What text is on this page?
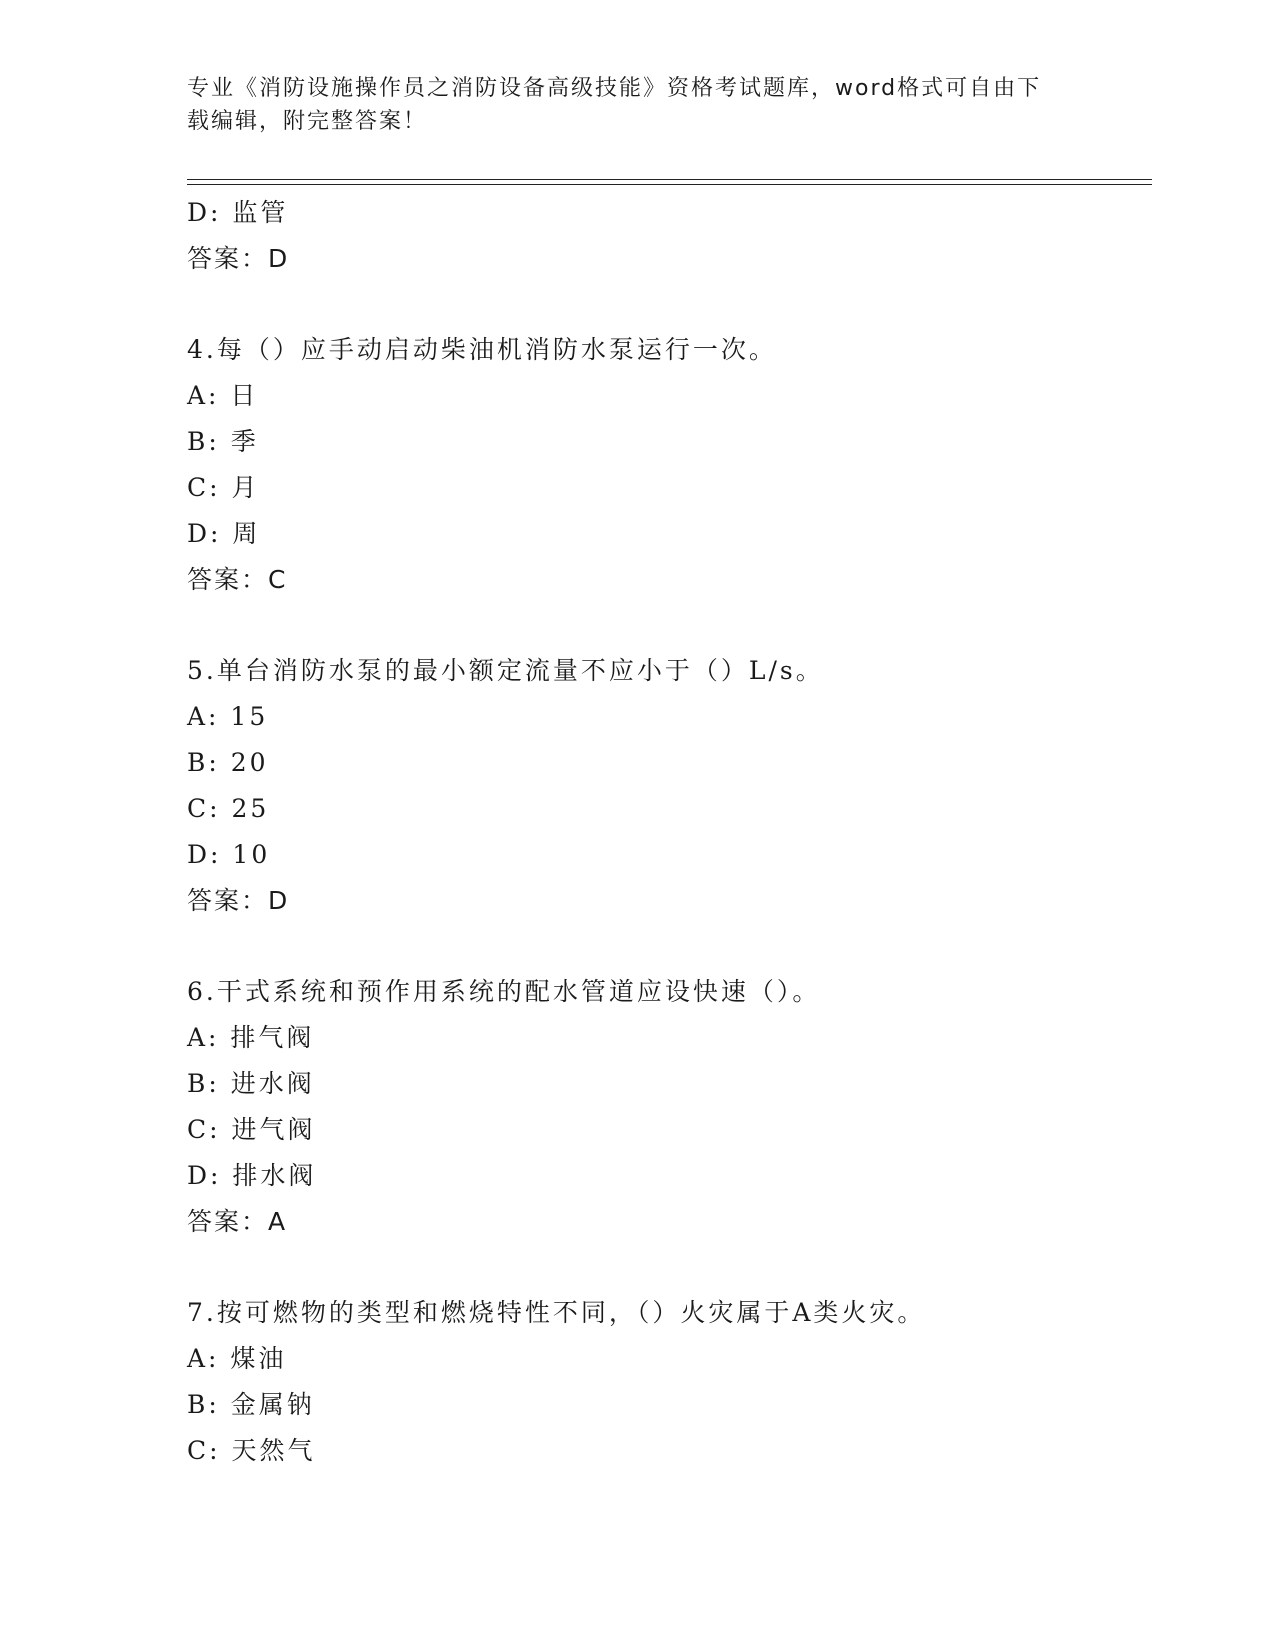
专业《消防设施操作员之消防设备高级技能》资格考试题库，word格式可自由下
载编辑，附完整答案！
D: 监管
答案：D
4.每（）应手动启动柴油机消防水泵运行一次。
A: 日
B: 季
C: 月
D: 周
答案：C
5.单台消防水泵的最小额定流量不应小于（）L/s。
A: 15
B: 20
C: 25
D: 10
答案：D
6.干式系统和预作用系统的配水管道应设快速（）。
A: 排气阀
B: 进水阀
C: 进气阀
D: 排水阀
答案：A
7.按可燃物的类型和燃烧特性不同，（）火灾属于A类火灾。
A: 煤油
B: 金属钠
C: 天然气
